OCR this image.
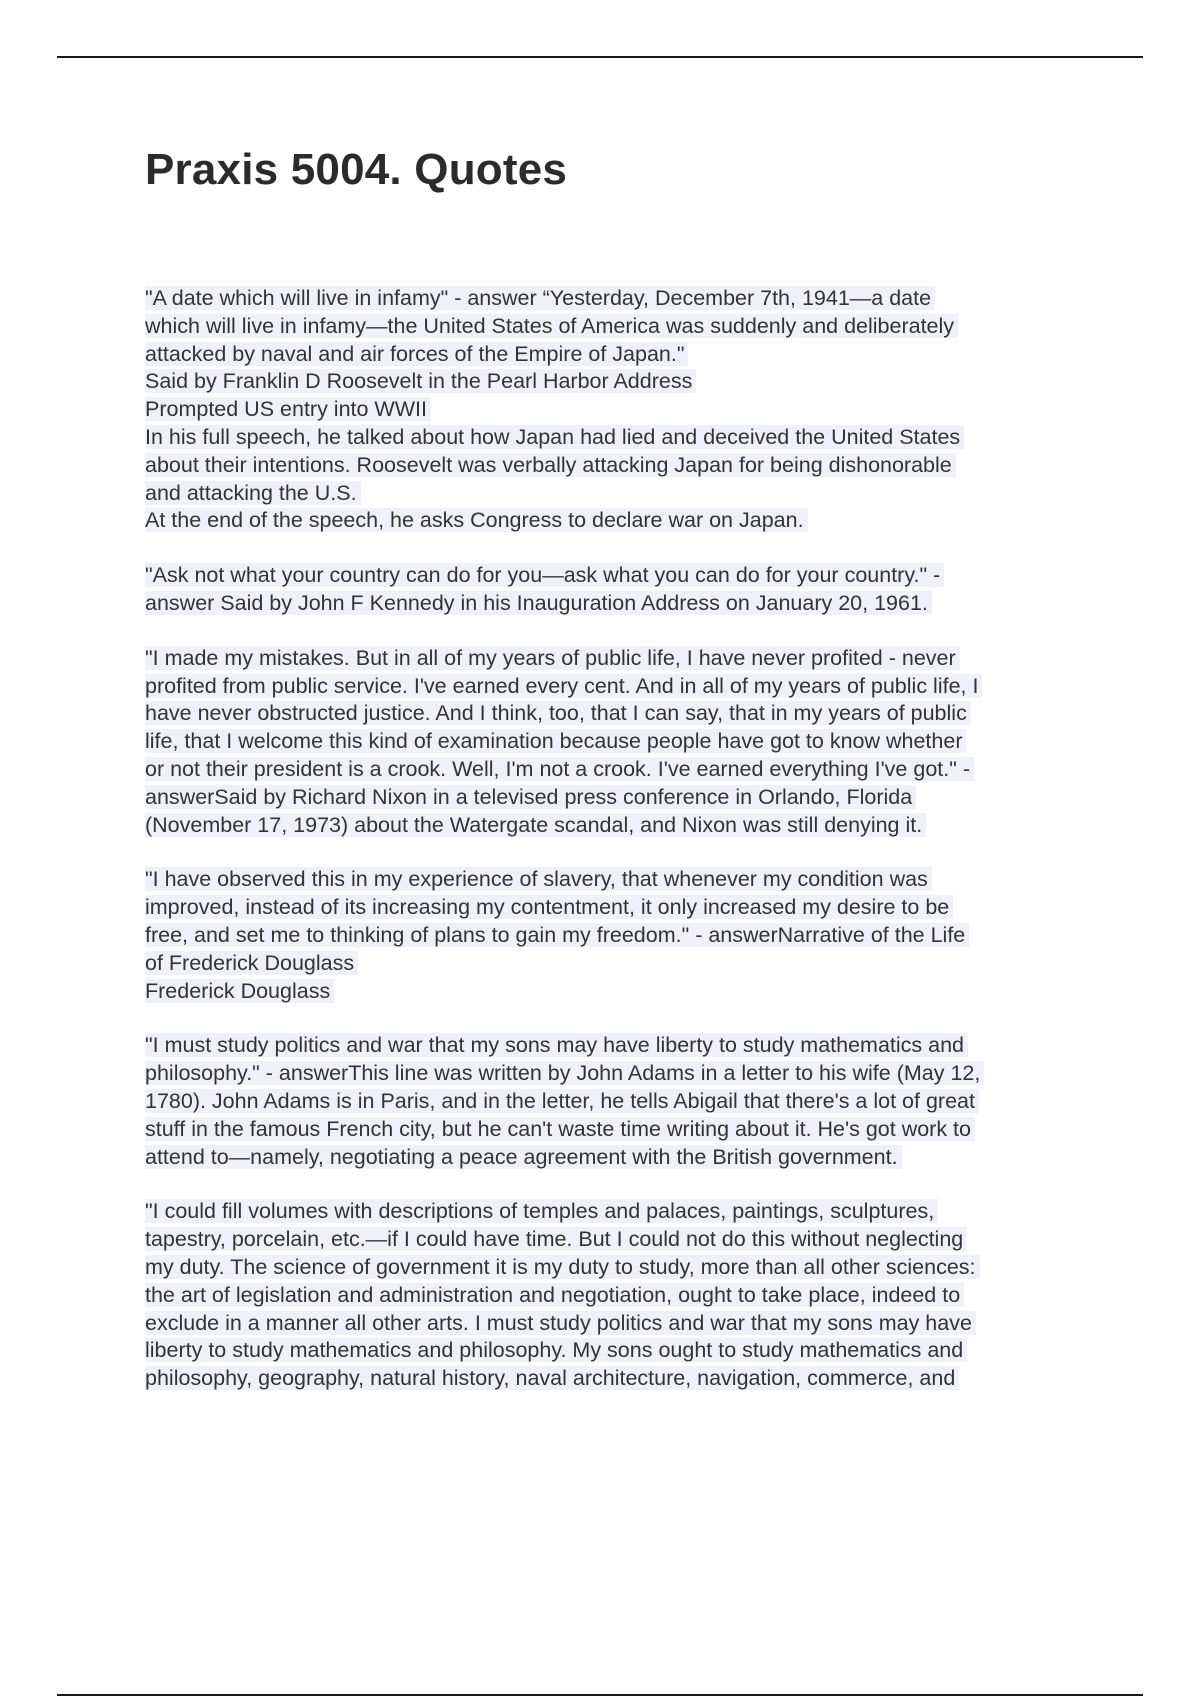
Praxis 5004. Quotes
"A date which will live in infamy" - answer “Yesterday, December 7th, 1941—a date
which will live in infamy—the United States of America was suddenly and deliberately
attacked by naval and air forces of the Empire of Japan."
Said by Franklin D Roosevelt in the Pearl Harbor Address
Prompted US entry into WWII
In his full speech, he talked about how Japan had lied and deceived the United States
about their intentions. Roosevelt was verbally attacking Japan for being dishonorable
and attacking the U.S.
At the end of the speech, he asks Congress to declare war on Japan.
"Ask not what your country can do for you—ask what you can do for your country." -
answer Said by John F Kennedy in his Inauguration Address on January 20, 1961.
"I made my mistakes. But in all of my years of public life, I have never profited - never
profited from public service. I've earned every cent. And in all of my years of public life, I
have never obstructed justice. And I think, too, that I can say, that in my years of public
life, that I welcome this kind of examination because people have got to know whether
or not their president is a crook. Well, I'm not a crook. I've earned everything I've got." -
answerSaid by Richard Nixon in a televised press conference in Orlando, Florida
(November 17, 1973) about the Watergate scandal, and Nixon was still denying it.
"I have observed this in my experience of slavery, that whenever my condition was
improved, instead of its increasing my contentment, it only increased my desire to be
free, and set me to thinking of plans to gain my freedom." - answerNarrative of the Life
of Frederick Douglass
Frederick Douglass
"I must study politics and war that my sons may have liberty to study mathematics and
philosophy." - answerThis line was written by John Adams in a letter to his wife (May 12,
1780). John Adams is in Paris, and in the letter, he tells Abigail that there's a lot of great
stuff in the famous French city, but he can't waste time writing about it. He's got work to
attend to—namely, negotiating a peace agreement with the British government.
"I could fill volumes with descriptions of temples and palaces, paintings, sculptures,
tapestry, porcelain, etc.—if I could have time. But I could not do this without neglecting
my duty. The science of government it is my duty to study, more than all other sciences:
the art of legislation and administration and negotiation, ought to take place, indeed to
exclude in a manner all other arts. I must study politics and war that my sons may have
liberty to study mathematics and philosophy. My sons ought to study mathematics and
philosophy, geography, natural history, naval architecture, navigation, commerce, and
